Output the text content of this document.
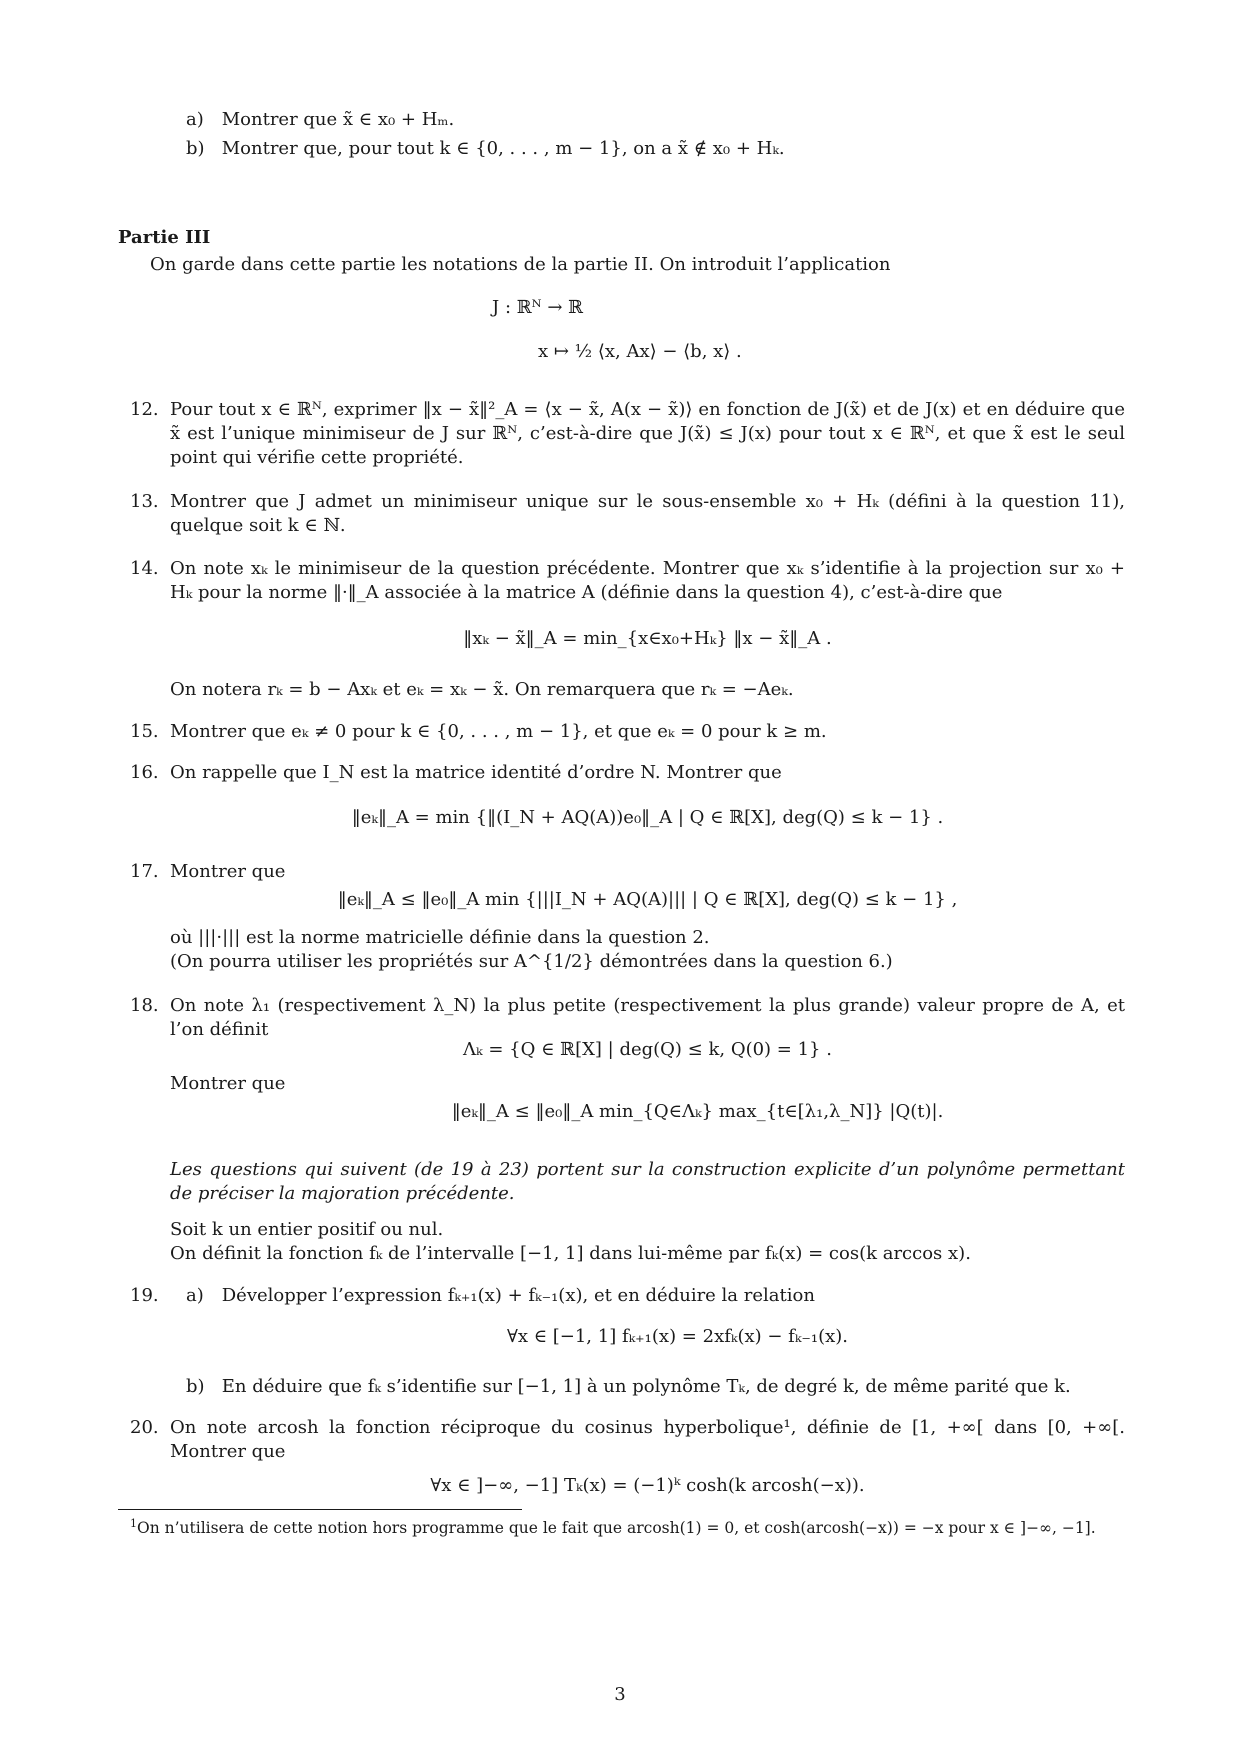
a) Montrer que x̃ ∈ x₀ + Hₘ.
b) Montrer que, pour tout k ∈ {0, . . . , m − 1}, on a x̃ ∉ x₀ + Hₖ.
Partie III
On garde dans cette partie les notations de la partie II. On introduit l’application
J : ℝᴺ → ℝ
x ↦ ½ ⟨x, Ax⟩ − ⟨b, x⟩ .
12. Pour tout x ∈ ℝᴺ, exprimer ‖x − x̃‖²_A = ⟨x − x̃, A(x − x̃)⟩ en fonction de J(x̃) et de J(x) et en déduire que x̃ est l’unique minimiseur de J sur ℝᴺ, c’est-à-dire que J(x̃) ≤ J(x) pour tout x ∈ ℝᴺ, et que x̃ est le seul point qui vérifie cette propriété.
13. Montrer que J admet un minimiseur unique sur le sous-ensemble x₀ + Hₖ (défini à la question 11), quelque soit k ∈ ℕ.
14. On note xₖ le minimiseur de la question précédente. Montrer que xₖ s’identifie à la projection sur x₀ + Hₖ pour la norme ‖·‖_A associée à la matrice A (définie dans la question 4), c’est-à-dire que
‖xₖ − x̃‖_A = min_{x∈x₀+Hₖ} ‖x − x̃‖_A .
On notera rₖ = b − Axₖ et eₖ = xₖ − x̃. On remarquera que rₖ = −Aeₖ.
15. Montrer que eₖ ≠ 0 pour k ∈ {0, . . . , m − 1}, et que eₖ = 0 pour k ≥ m.
16. On rappelle que I_N est la matrice identité d’ordre N. Montrer que
‖eₖ‖_A = min {‖(I_N + AQ(A))e₀‖_A | Q ∈ ℝ[X], deg(Q) ≤ k − 1} .
17. Montrer que
‖eₖ‖_A ≤ ‖e₀‖_A min {|||I_N + AQ(A)||| | Q ∈ ℝ[X], deg(Q) ≤ k − 1} ,
où |||·||| est la norme matricielle définie dans la question 2.
(On pourra utiliser les propriétés sur A^{1/2} démontrées dans la question 6.)
18. On note λ₁ (respectivement λ_N) la plus petite (respectivement la plus grande) valeur propre de A, et l’on définit
Λₖ = {Q ∈ ℝ[X] | deg(Q) ≤ k, Q(0) = 1} .
Montrer que
‖eₖ‖_A ≤ ‖e₀‖_A min_{Q∈Λₖ} max_{t∈[λ₁,λ_N]} |Q(t)|.
Les questions qui suivent (de 19 à 23) portent sur la construction explicite d’un polynôme permettant de préciser la majoration précédente.
Soit k un entier positif ou nul.
On définit la fonction fₖ de l’intervalle [−1, 1] dans lui-même par fₖ(x) = cos(k arccos x).
19. a) Développer l’expression fₖ₊₁(x) + fₖ₋₁(x), et en déduire la relation
∀x ∈ [−1, 1] fₖ₊₁(x) = 2xfₖ(x) − fₖ₋₁(x).
b) En déduire que fₖ s’identifie sur [−1, 1] à un polynôme Tₖ, de degré k, de même parité que k.
20. On note arcosh la fonction réciproque du cosinus hyperbolique¹, définie de [1, +∞[ dans [0, +∞[. Montrer que
∀x ∈ ]−∞, −1] Tₖ(x) = (−1)ᵏ cosh(k arcosh(−x)).
$^1$On n’utilisera de cette notion hors programme que le fait que arcosh(1) = 0, et cosh(arcosh(−x)) = −x pour x ∈ ]−∞, −1].
3
